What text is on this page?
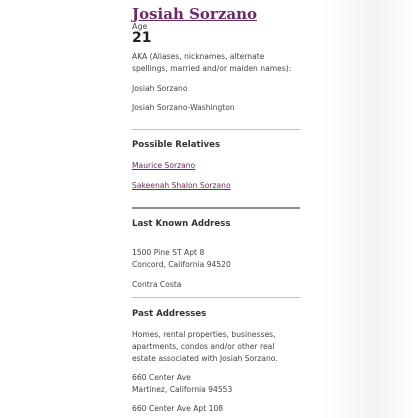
Josiah Sorzano
Age
21
AKA (Aliases, nicknames, alternate spellings, married and/or maiden names):
Josiah Sorzano
Josiah Sorzano-Washington
Possible Relatives
Maurice Sorzano
Sakeenah Shalon Sorzano
Last Known Address
1500 Pine ST Apt 8
Concord, California 94520
Contra Costa
Past Addresses
Homes, rental properties, businesses, apartments, condos and/or other real estate associated with Josiah Sorzano.
660 Center Ave
Martinez, California 94553
660 Center Ave Apt 108
